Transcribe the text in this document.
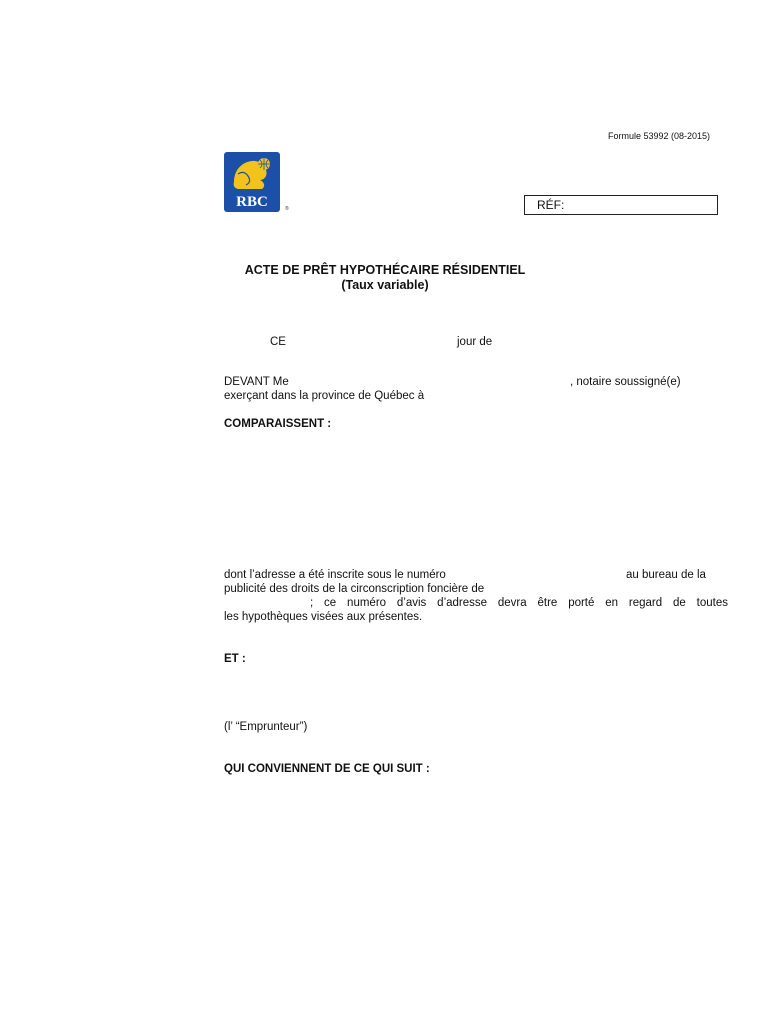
Formule 53992 (08-2015)
RBC	®	RÉF:
ACTE DE PRÊT HYPOTHÉCAIRE RÉSIDENTIEL
(Taux variable)
CE	jour de
DEVANT Me	, notaire soussigné(e)
exerçant dans la province de Québec à
COMPARAISSENT :
dont l’adresse a été inscrite sous le numéro	au bureau de la
publicité des droits de la circonscription foncière de
; ce numéro d’avis d’adresse devra être porté en regard de toutes
les hypothèques visées aux présentes.
ET :
(l’ “Emprunteur”)
QUI CONVIENNENT DE CE QUI SUIT :
